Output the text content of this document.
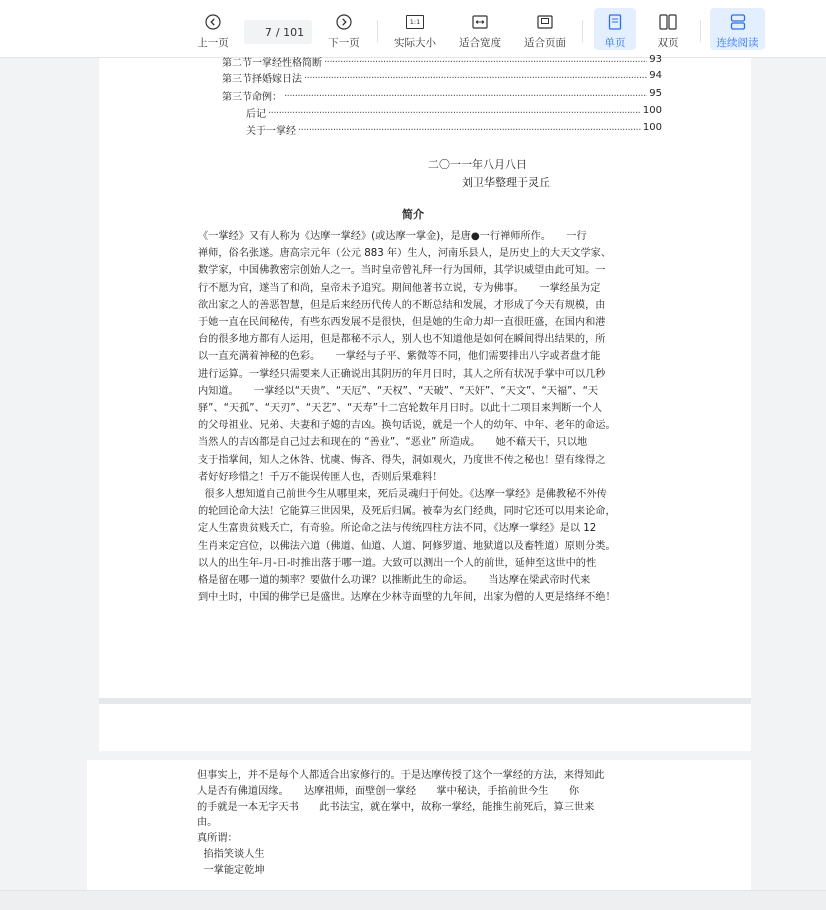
上一页
7
/ 101
下一页
1:1
实际大小 适合宽度 适合页面	单页	双页	连续阅读
第二节一掌经性格简断 .....	93
第三节择婚嫁日法 .....	94
第三节命例： .....	95
后记 .....	100
关于一掌经 .....	100
二〇一一年八月八日
刘卫华整理于灵丘
简介
《一掌经》又有人称为《达摩一掌经》(或达摩一掌金)，是唐●一行禅师所作。　　一行
禅师，俗名张遂。唐高宗元年（公元 883 年）生人，河南乐县人，是历史上的大天文学家、
数学家，中国佛教密宗创始人之一。当时皇帝曾礼拜一行为国师，其学识威望由此可知。一
行不愿为官，遂当了和尚，皇帝未予追究。期间他著书立说，专为佛事。　　一掌经虽为定
欲出家之人的善恶智慧，但是后来经历代传人的不断总结和发展，才形成了今天有规模，由
于她一直在民间秘传，有些东西发展不是很快，但是她的生命力却一直很旺盛，在国内和港
台的很多地方都有人运用，但是都秘不示人，别人也不知道他是如何在瞬间得出结果的，所
以一直充满着神秘的色彩。　　一掌经与子平、紫微等不同，他们需要排出八字或者盘才能
进行运算。一掌经只需要来人正确说出其阴历的年月日时，其人之所有状况手掌中可以几秒
内知道。　　一掌经以“天贵”、“天厄”、“天权”、“天破”、“天奸”、“天文”、“天福”、“天
驿”、“天孤”、“天刃”、“天艺”、“天寿”十二宫轮数年月日时。以此十二项目来判断一个人
的父母祖业、兄弟、夫妻和子媳的吉凶。换句话说，就是一个人的幼年、中年、老年的命运。
当然人的吉凶都是自己过去和现在的 “善业”、“恶业” 所造成。　　她不藉天干，只以地
支于指掌间，知人之休咎、忧虞、悔吝、得失，洞如观火，乃度世不传之秘也！望有缘得之
者好好珍惜之！千万不能误传匪人也，否则后果难料！
很多人想知道自己前世今生从哪里来，死后灵魂归于何处。《达摩一掌经》是佛教秘不外传
的轮回论命大法！它能算三世因果，及死后归属。被奉为玄门经典，同时它还可以用来论命，
定人生富贵贫贱夭亡，有奇验。所论命之法与传统四柱方法不同，《达摩一掌经》是以 12
生肖来定宫位，以佛法六道（佛道、仙道、人道、阿修罗道、地狱道以及畜牲道）原则分类。
以人的出生年-月-日-时推出落于哪一道。大致可以测出一个人的前世，延伸至这世中的性
格是留在哪一道的频率？要做什么功课？以推断此生的命运。　　当达摩在梁武帝时代来
到中土时，中国的佛学已是盛世。达摩在少林寺面壁的九年间，出家为僧的人更是络绎不绝！
但事实上，并不是每个人都适合出家修行的。于是达摩传授了这个一掌经的方法，来得知此
人是否有佛道因缘。　　达摩祖师，面壁创一掌经　　掌中秘诀，手掐前世今生　　你
的手就是一本无字天书　　此书法宝，就在掌中，故称一掌经，能推生前死后，算三世来
由。
真所谓：
掐指笑谈人生
一掌能定乾坤
